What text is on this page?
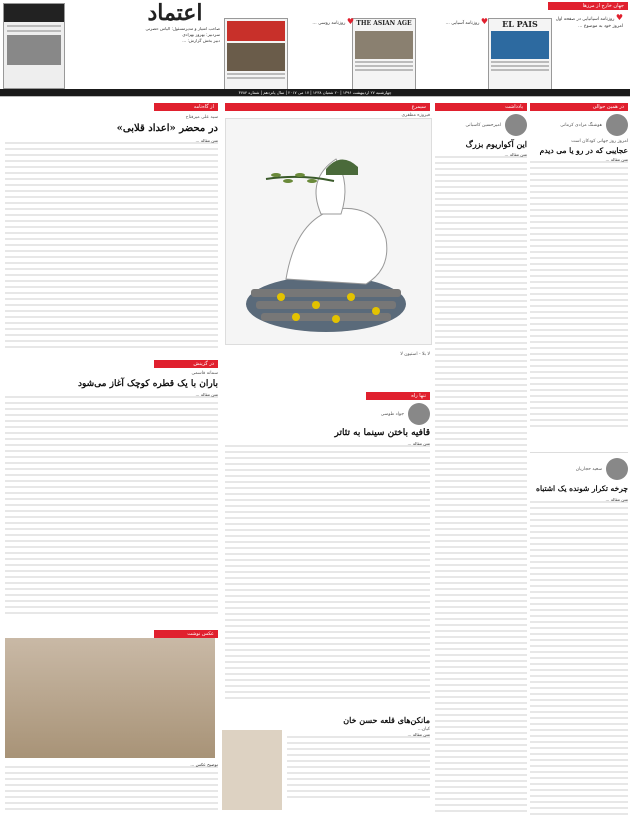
اعتماد
صاحب امتیاز و مدیرمسئول: الیاس حضرتی
سردبیر: بهروز بهزادی
دبیر بخش گزارش: ...
جهان خارج از مرزها
♥ روزنامه اسپانیایی در صفحه اول امروز خود به موضوع ...
EL PAIS
♥ روزنامه آسیایی ...
THE ASIAN AGE
♥ روزنامه روسی ...
چهارشنبه ۲۷ اردیبهشت ۱۳۹۶ | ۲۰ شعبان ۱۴۳۸ | ۱۷ می ۲۰۱۷ | سال پانزدهم | شماره ۳۷۸۴
در همین حوالی
هوشنگ مرادی کرمانی
امروز روز جهانی کودکان است
عجایبی که در رو یا می دیدم
متن مقاله ...
سعید حجاریان
چرخه تکرار شونده یک اشتباه
متن مقاله ...
یادداشت
امیرحسین کاسبانی
این آکواریوم بزرگ
متن مقاله ...
سیمرغ
فیروزه مظفری
از گاه‌نامه
سید علی میرفتاح
در محضر «اعداد قلابی»
متن مقاله ...
در گزینش
سمانه قاسمی
باران با یک قطره کوچک آغاز می‌شود
متن مقاله ...
لا بلا - استیون لا
تنها راه
جواد طوسی
قافیه باختن سینما به تئاتر
متن مقاله ...
مانکن‌های قلعه حسن خان
کیان...
متن مقاله ...
عکس نوشت
توضیح عکس ...
